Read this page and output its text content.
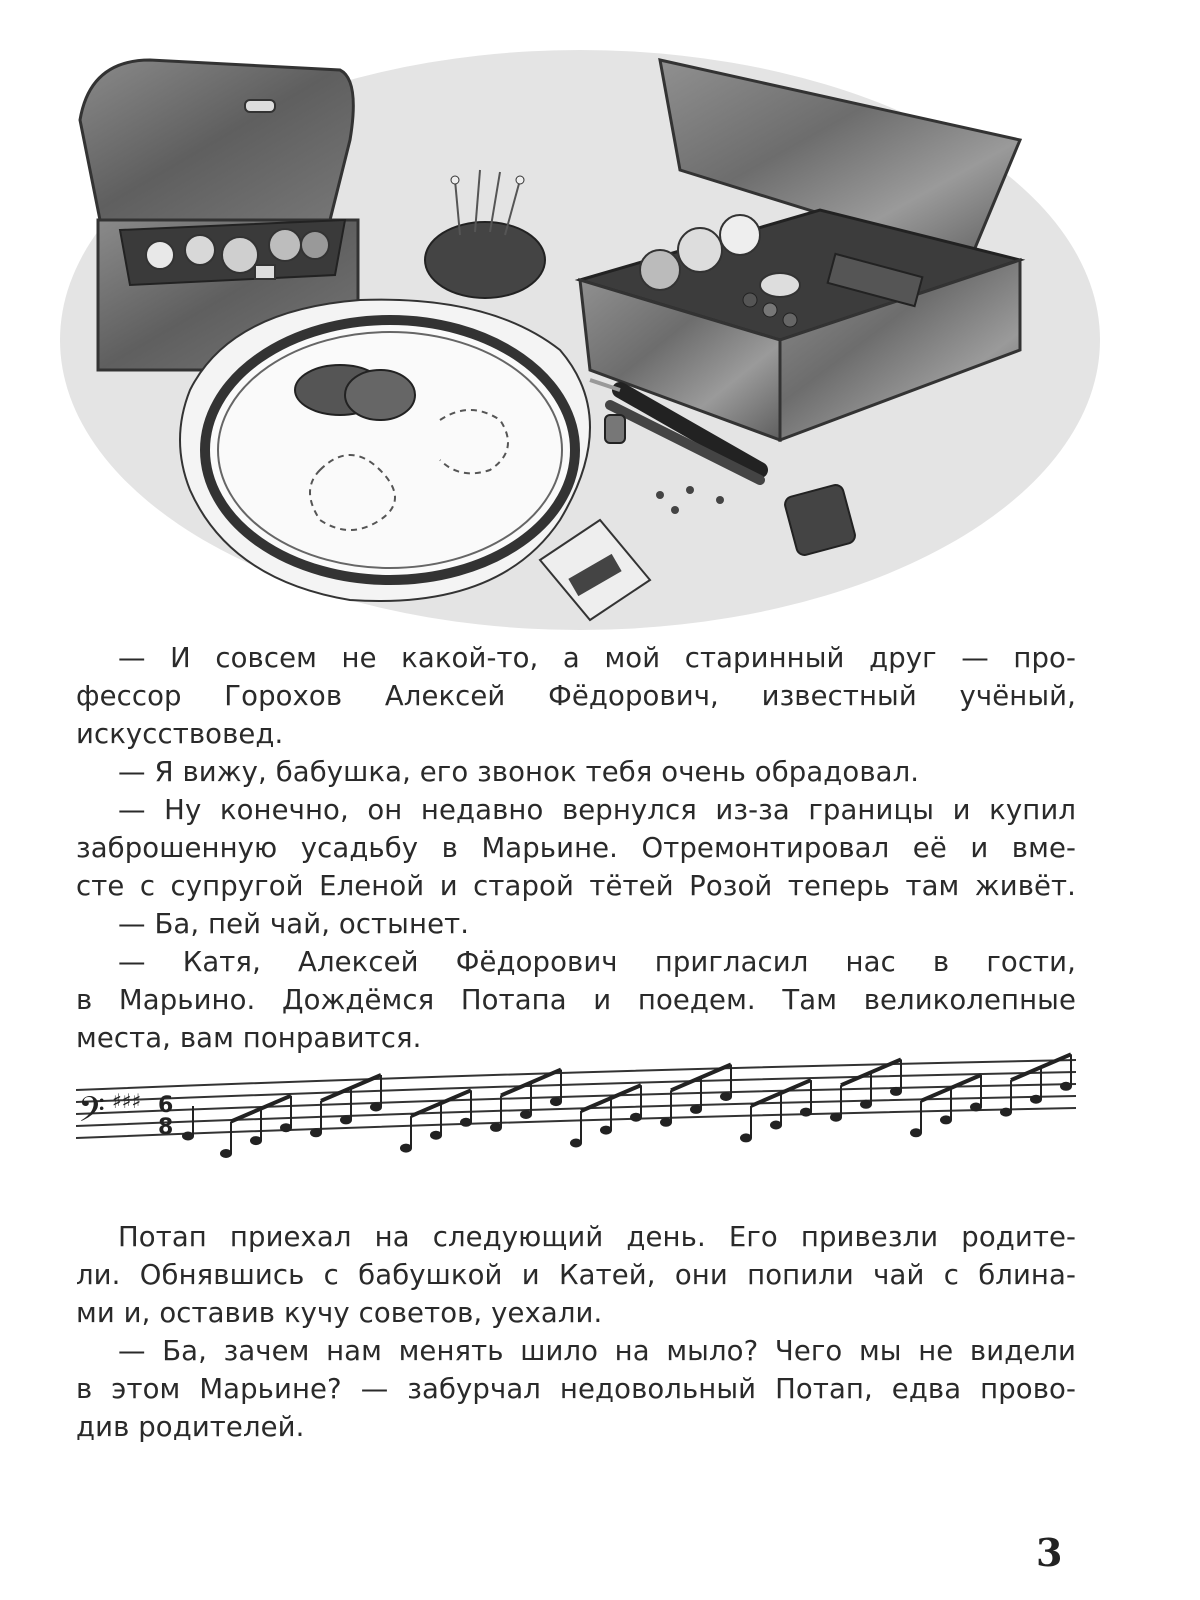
— И совсем не какой-то, а мой старинный друг — про-

фессор Горохов Алексей Фёдорович, известный учёный,

искусствовед.

— Я вижу, бабушка, его звонок тебя очень обрадовал.

— Ну конечно, он недавно вернулся из-за границы и купил

заброшенную усадьбу в Марьине. Отремонтировал её и вме-

сте с супругой Еленой и старой тётей Розой теперь там живёт.

— Ба, пей чай, остынет.

— Катя, Алексей Фёдорович пригласил нас в гости,

в Марьино. Дождёмся Потапа и поедем. Там великолепные

места, вам понравится.

𝄢 ♯♯♯ 6
8

Потап приехал на следующий день. Его привезли родите-

ли. Обнявшись с бабушкой и Катей, они попили чай с блина-

ми и, оставив кучу советов, уехали.

— Ба, зачем нам менять шило на мыло? Чего мы не видели

в этом Марьине? — забурчал недовольный Потап, едва прово-

див родителей.

3
